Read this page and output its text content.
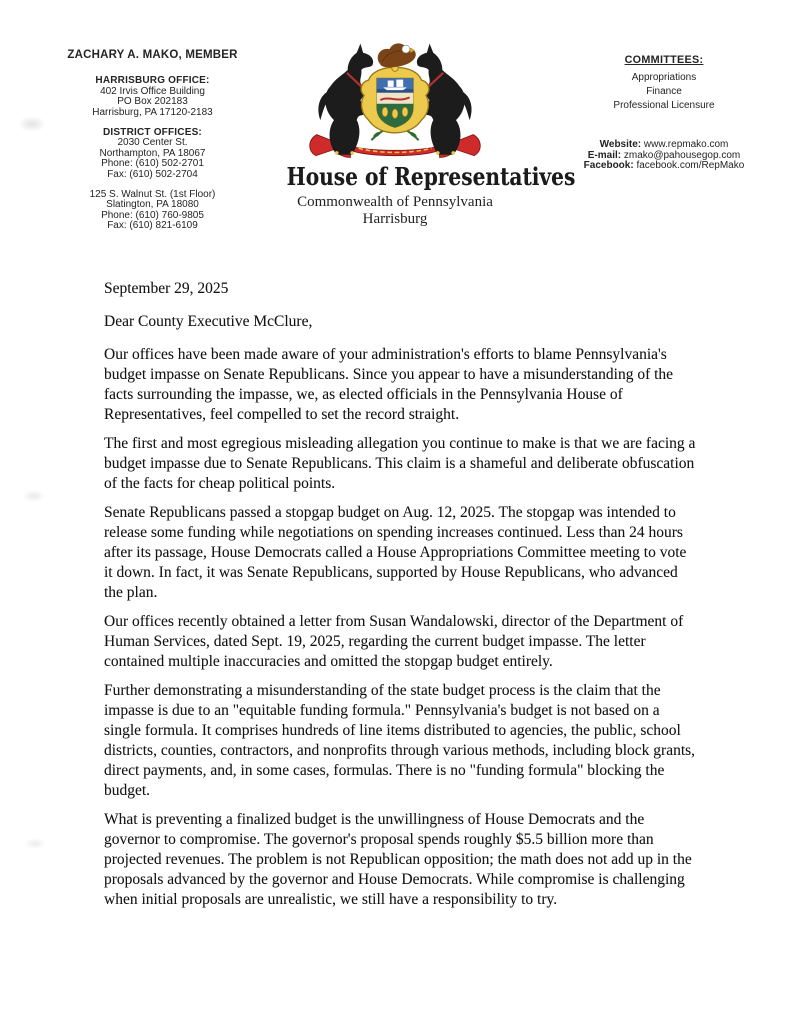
ZACHARY A. MAKO, MEMBER
HARRISBURG OFFICE:
402 Irvis Office Building
PO Box 202183
Harrisburg, PA 17120-2183
DISTRICT OFFICES:
2030 Center St.
Northampton, PA 18067
Phone: (610) 502-2701
Fax: (610) 502-2704
125 S. Walnut St. (1st Floor)
Slatington, PA 18080
Phone: (610) 760-9805
Fax: (610) 821-6109
House of Representatives
Commonwealth of Pennsylvania
Harrisburg
COMMITTEES:
Appropriations
Finance
Professional Licensure
Website: www.repmako.com
E-mail: zmako@pahousegop.com
Facebook: facebook.com/RepMako

September 29, 2025

Dear County Executive McClure,

Our offices have been made aware of your administration's efforts to blame Pennsylvania's budget impasse on Senate Republicans. Since you appear to have a misunderstanding of the facts surrounding the impasse, we, as elected officials in the Pennsylvania House of Representatives, feel compelled to set the record straight.

The first and most egregious misleading allegation you continue to make is that we are facing a budget impasse due to Senate Republicans. This claim is a shameful and deliberate obfuscation of the facts for cheap political points.

Senate Republicans passed a stopgap budget on Aug. 12, 2025. The stopgap was intended to release some funding while negotiations on spending increases continued. Less than 24 hours after its passage, House Democrats called a House Appropriations Committee meeting to vote it down. In fact, it was Senate Republicans, supported by House Republicans, who advanced the plan.

Our offices recently obtained a letter from Susan Wandalowski, director of the Department of Human Services, dated Sept. 19, 2025, regarding the current budget impasse. The letter contained multiple inaccuracies and omitted the stopgap budget entirely.

Further demonstrating a misunderstanding of the state budget process is the claim that the impasse is due to an "equitable funding formula." Pennsylvania's budget is not based on a single formula. It comprises hundreds of line items distributed to agencies, the public, school districts, counties, contractors, and nonprofits through various methods, including block grants, direct payments, and, in some cases, formulas. There is no "funding formula" blocking the budget.

What is preventing a finalized budget is the unwillingness of House Democrats and the governor to compromise. The governor's proposal spends roughly $5.5 billion more than projected revenues. The problem is not Republican opposition; the math does not add up in the proposals advanced by the governor and House Democrats. While compromise is challenging when initial proposals are unrealistic, we still have a responsibility to try.
